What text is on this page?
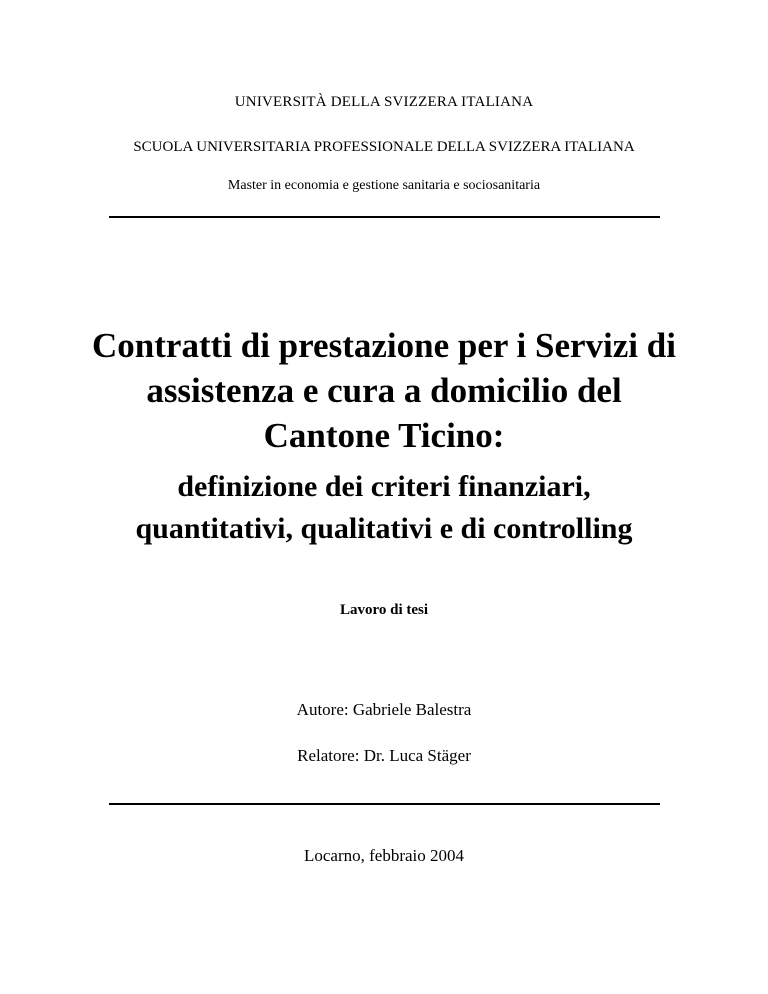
UNIVERSITÀ DELLA SVIZZERA ITALIANA
SCUOLA UNIVERSITARIA PROFESSIONALE DELLA SVIZZERA ITALIANA
Master in economia e gestione sanitaria e sociosanitaria
Contratti di prestazione per i Servizi di
assistenza e cura a domicilio del
Cantone Ticino:
definizione dei criteri finanziari,
quantitativi, qualitativi e di controlling
Lavoro di tesi
Autore: Gabriele Balestra
Relatore: Dr. Luca Stäger
Locarno, febbraio 2004
